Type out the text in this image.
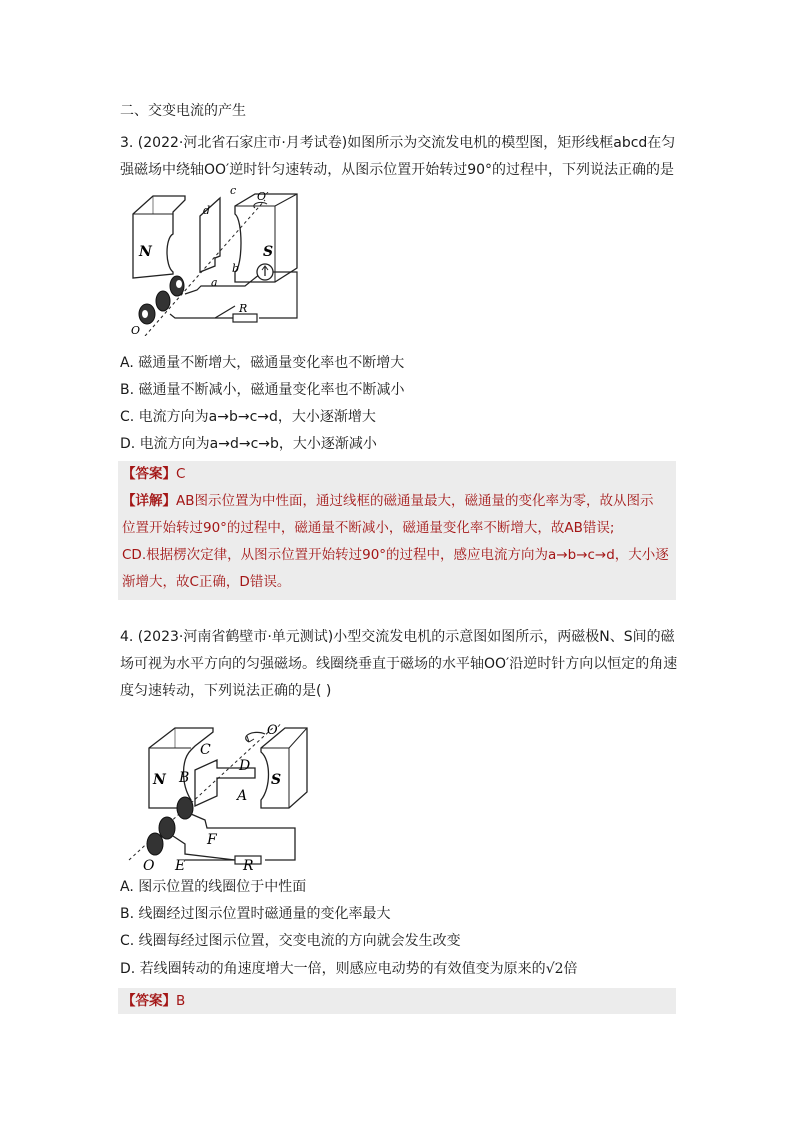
二、交变电流的产生
3. (2022·河北省石家庄市·月考试卷)如图所示为交流发电机的模型图，矩形线框abcd在匀
强磁场中绕轴OO′逆时针匀速转动，从图示位置开始转过90°的过程中，下列说法正确的是
N	S
c
d
b
a
O′
R
O
A. 磁通量不断增大，磁通量变化率也不断增大
B. 磁通量不断减小，磁通量变化率也不断减小
C. 电流方向为a→b→c→d，大小逐渐增大
D. 电流方向为a→d→c→b，大小逐渐减小
【答案】C
【详解】AB图示位置为中性面，通过线框的磁通量最大，磁通量的变化率为零，故从图示
位置开始转过90°的过程中，磁通量不断减小，磁通量变化率不断增大，故AB错误;
CD.根据楞次定律，从图示位置开始转过90°的过程中，感应电流方向为a→b→c→d，大小逐
渐增大，故C正确，D错误。
4. (2023·河南省鹤壁市·单元测试)小型交流发电机的示意图如图所示，两磁极N、S间的磁
场可视为水平方向的匀强磁场。线圈绕垂直于磁场的水平轴OO′沿逆时针方向以恒定的角速
度匀速转动，下列说法正确的是( )
N	S
C
B
D
A
O′
F
E
O	R
A. 图示位置的线圈位于中性面
B. 线圈经过图示位置时磁通量的变化率最大
C. 线圈每经过图示位置，交变电流的方向就会发生改变
D. 若线圈转动的角速度增大一倍，则感应电动势的有效值变为原来的√2倍
【答案】B
